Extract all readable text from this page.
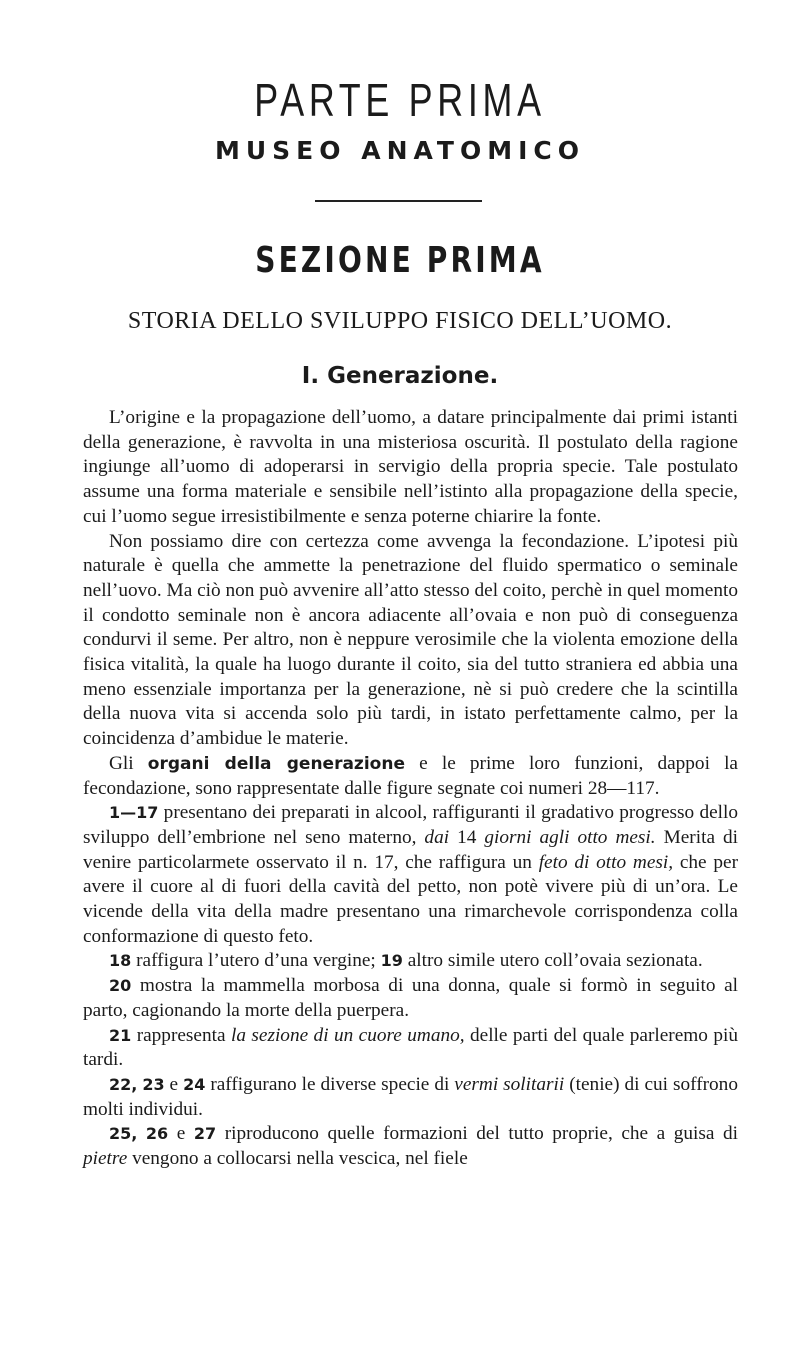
PARTE PRIMA
MUSEO ANATOMICO
SEZIONE PRIMA
STORIA DELLO SVILUPPO FISICO DELL’UOMO.
I. Generazione.

L’origine e la propagazione dell’uomo, a datare principalmente dai primi istanti della generazione, è ravvolta in una misteriosa oscurità. Il postulato della ragione ingiunge all’uomo di adoperarsi in servigio della propria specie. Tale postulato assume una forma materiale e sensibile nell’istinto alla propagazione della specie, cui l’uomo segue irresistibilmente e senza poterne chiarire la fonte.

Non possiamo dire con certezza come avvenga la fecondazione. L’ipotesi più naturale è quella che ammette la penetrazione del fluido spermatico o seminale nell’uovo. Ma ciò non può avvenire all’atto stesso del coito, perchè in quel momento il condotto seminale non è ancora adiacente all’ovaia e non può di conseguenza condurvi il seme. Per altro, non è neppure verosimile che la violenta emozione della fisica vitalità, la quale ha luogo durante il coito, sia del tutto straniera ed abbia una meno essenziale importanza per la generazione, nè si può credere che la scintilla della nuova vita si accenda solo più tardi, in istato perfettamente calmo, per la coincidenza d’ambidue le materie.

Gli organi della generazione e le prime loro funzioni, dappoi la fecondazione, sono rappresentate dalle figure segnate coi numeri 28—117.

1—17 presentano dei preparati in alcool, raffiguranti il gradativo progresso dello sviluppo dell’embrione nel seno materno, dai 14 giorni agli otto mesi. Merita di venire particolarmete osservato il n. 17, che raffigura un feto di otto mesi, che per avere il cuore al di fuori della cavità del petto, non potè vivere più di un’ora. Le vicende della vita della madre presentano una rimarchevole corrispondenza colla conformazione di questo feto.

18 raffigura l’utero d’una vergine; 19 altro simile utero coll’ovaia sezionata.

20 mostra la mammella morbosa di una donna, quale si formò in seguito al parto, cagionando la morte della puerpera.

21 rappresenta la sezione di un cuore umano, delle parti del quale parleremo più tardi.

22, 23 e 24 raffigurano le diverse specie di vermi solitarii (tenie) di cui soffrono molti individui.

25, 26 e 27 riproducono quelle formazioni del tutto proprie, che a guisa di pietre vengono a collocarsi nella vescica, nel fiele
